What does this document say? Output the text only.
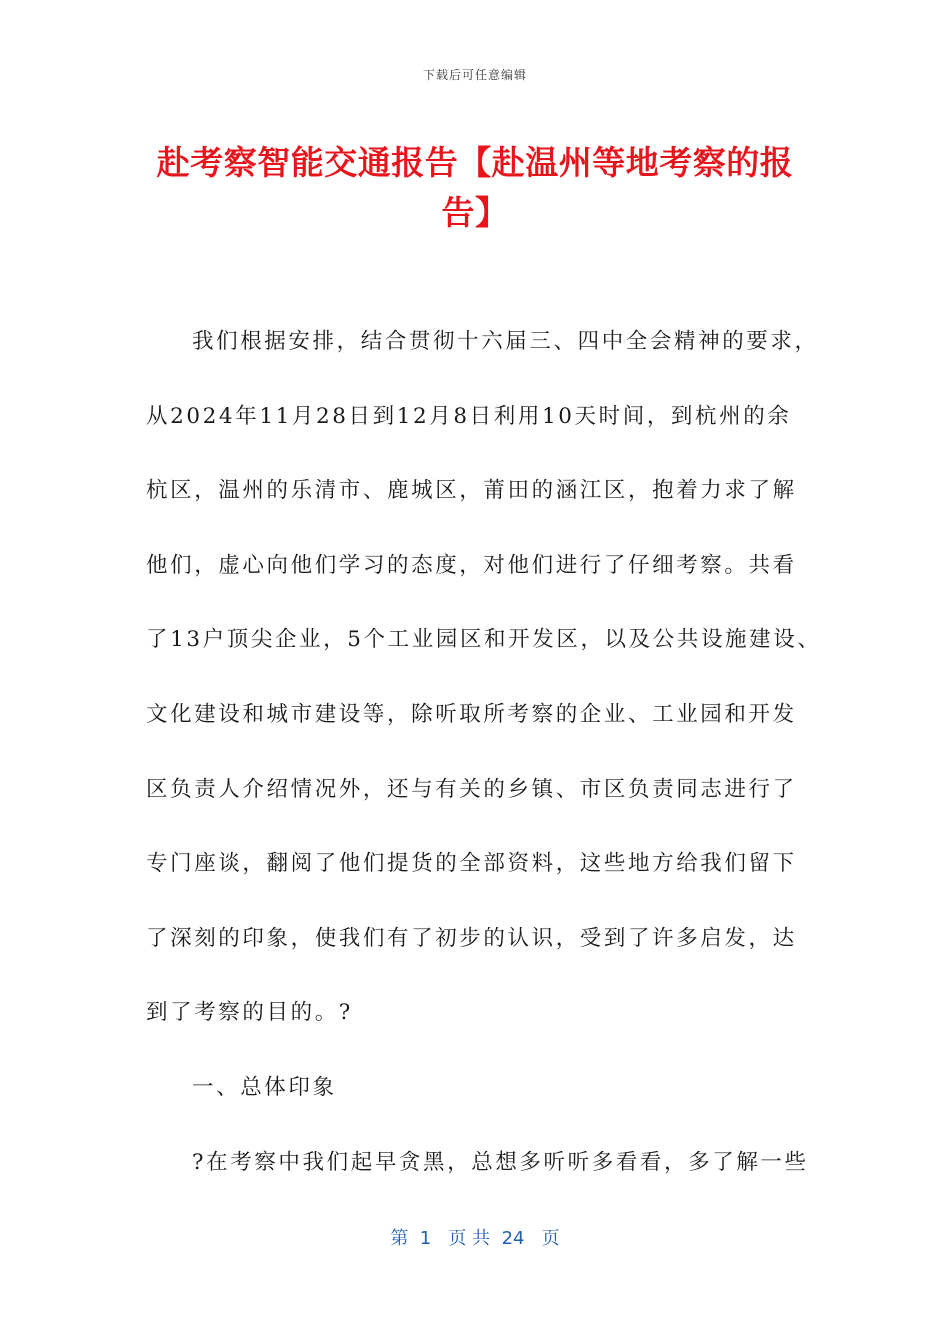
下载后可任意编辑
赴考察智能交通报告【赴温州等地考察的报
告】
我们根据安排，结合贯彻十六届三、四中全会精神的要求，
从2024年11月28日到12月8日利用10天时间，到杭州的余
杭区，温州的乐清市、鹿城区，莆田的涵江区，抱着力求了解
他们，虚心向他们学习的态度，对他们进行了仔细考察。共看
了13户顶尖企业，5个工业园区和开发区，以及公共设施建设、
文化建设和城市建设等，除听取所考察的企业、工业园和开发
区负责人介绍情况外，还与有关的乡镇、市区负责同志进行了
专门座谈，翻阅了他们提货的全部资料，这些地方给我们留下
了深刻的印象，使我们有了初步的认识，受到了许多启发，达
到了考察的目的。?
一、总体印象
?在考察中我们起早贪黑，总想多听听多看看，多了解一些
第  1   页 共  24   页
